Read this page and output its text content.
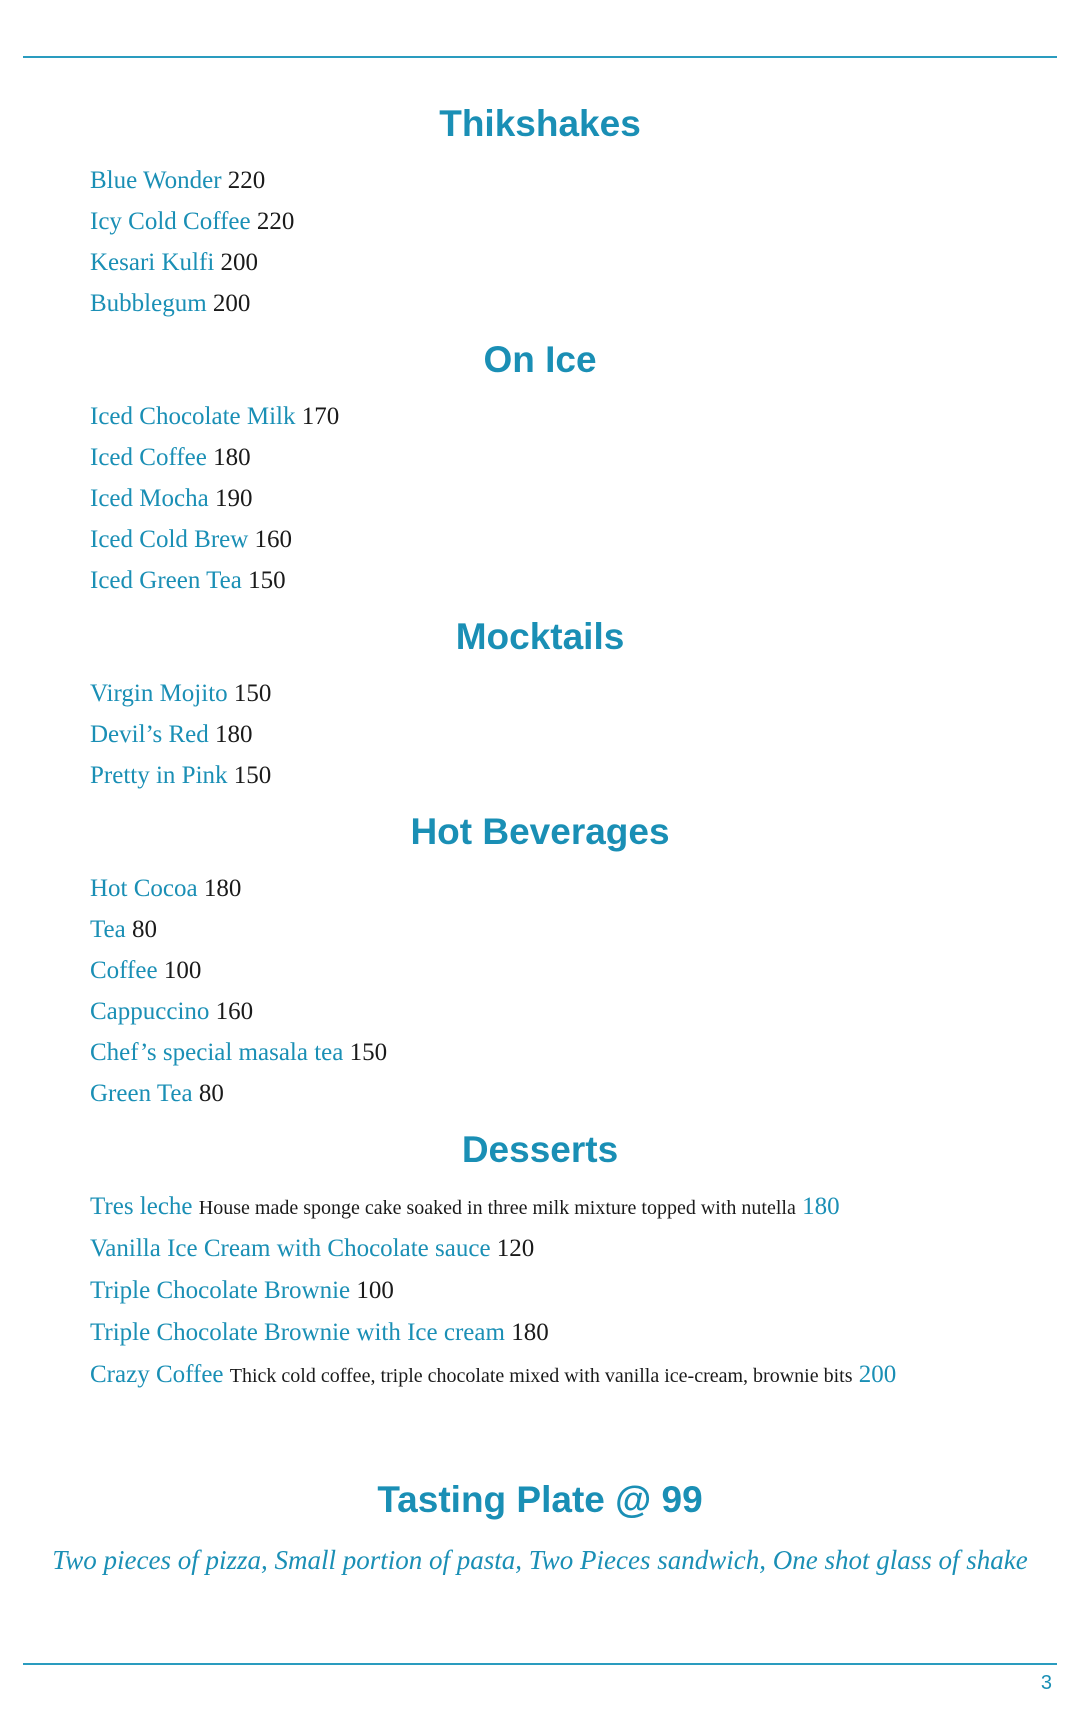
Thikshakes
Blue Wonder 220
Icy Cold Coffee 220
Kesari Kulfi 200
Bubblegum 200
On Ice
Iced Chocolate Milk 170
Iced Coffee 180
Iced Mocha 190
Iced Cold Brew 160
Iced Green Tea 150
Mocktails
Virgin Mojito 150
Devil’s Red 180
Pretty in Pink 150
Hot Beverages
Hot Cocoa 180
Tea 80
Coffee 100
Cappuccino 160
Chef’s special masala tea 150
Green Tea 80
Desserts
Tres leche House made sponge cake soaked in three milk mixture topped with nutella 180
Vanilla Ice Cream with Chocolate sauce 120
Triple Chocolate Brownie 100
Triple Chocolate Brownie with Ice cream 180
Crazy Coffee Thick cold coffee, triple chocolate mixed with vanilla ice-cream, brownie bits 200
Tasting Plate @ 99

Two pieces of pizza, Small portion of pasta, Two Pieces sandwich, One shot glass of shake

3
